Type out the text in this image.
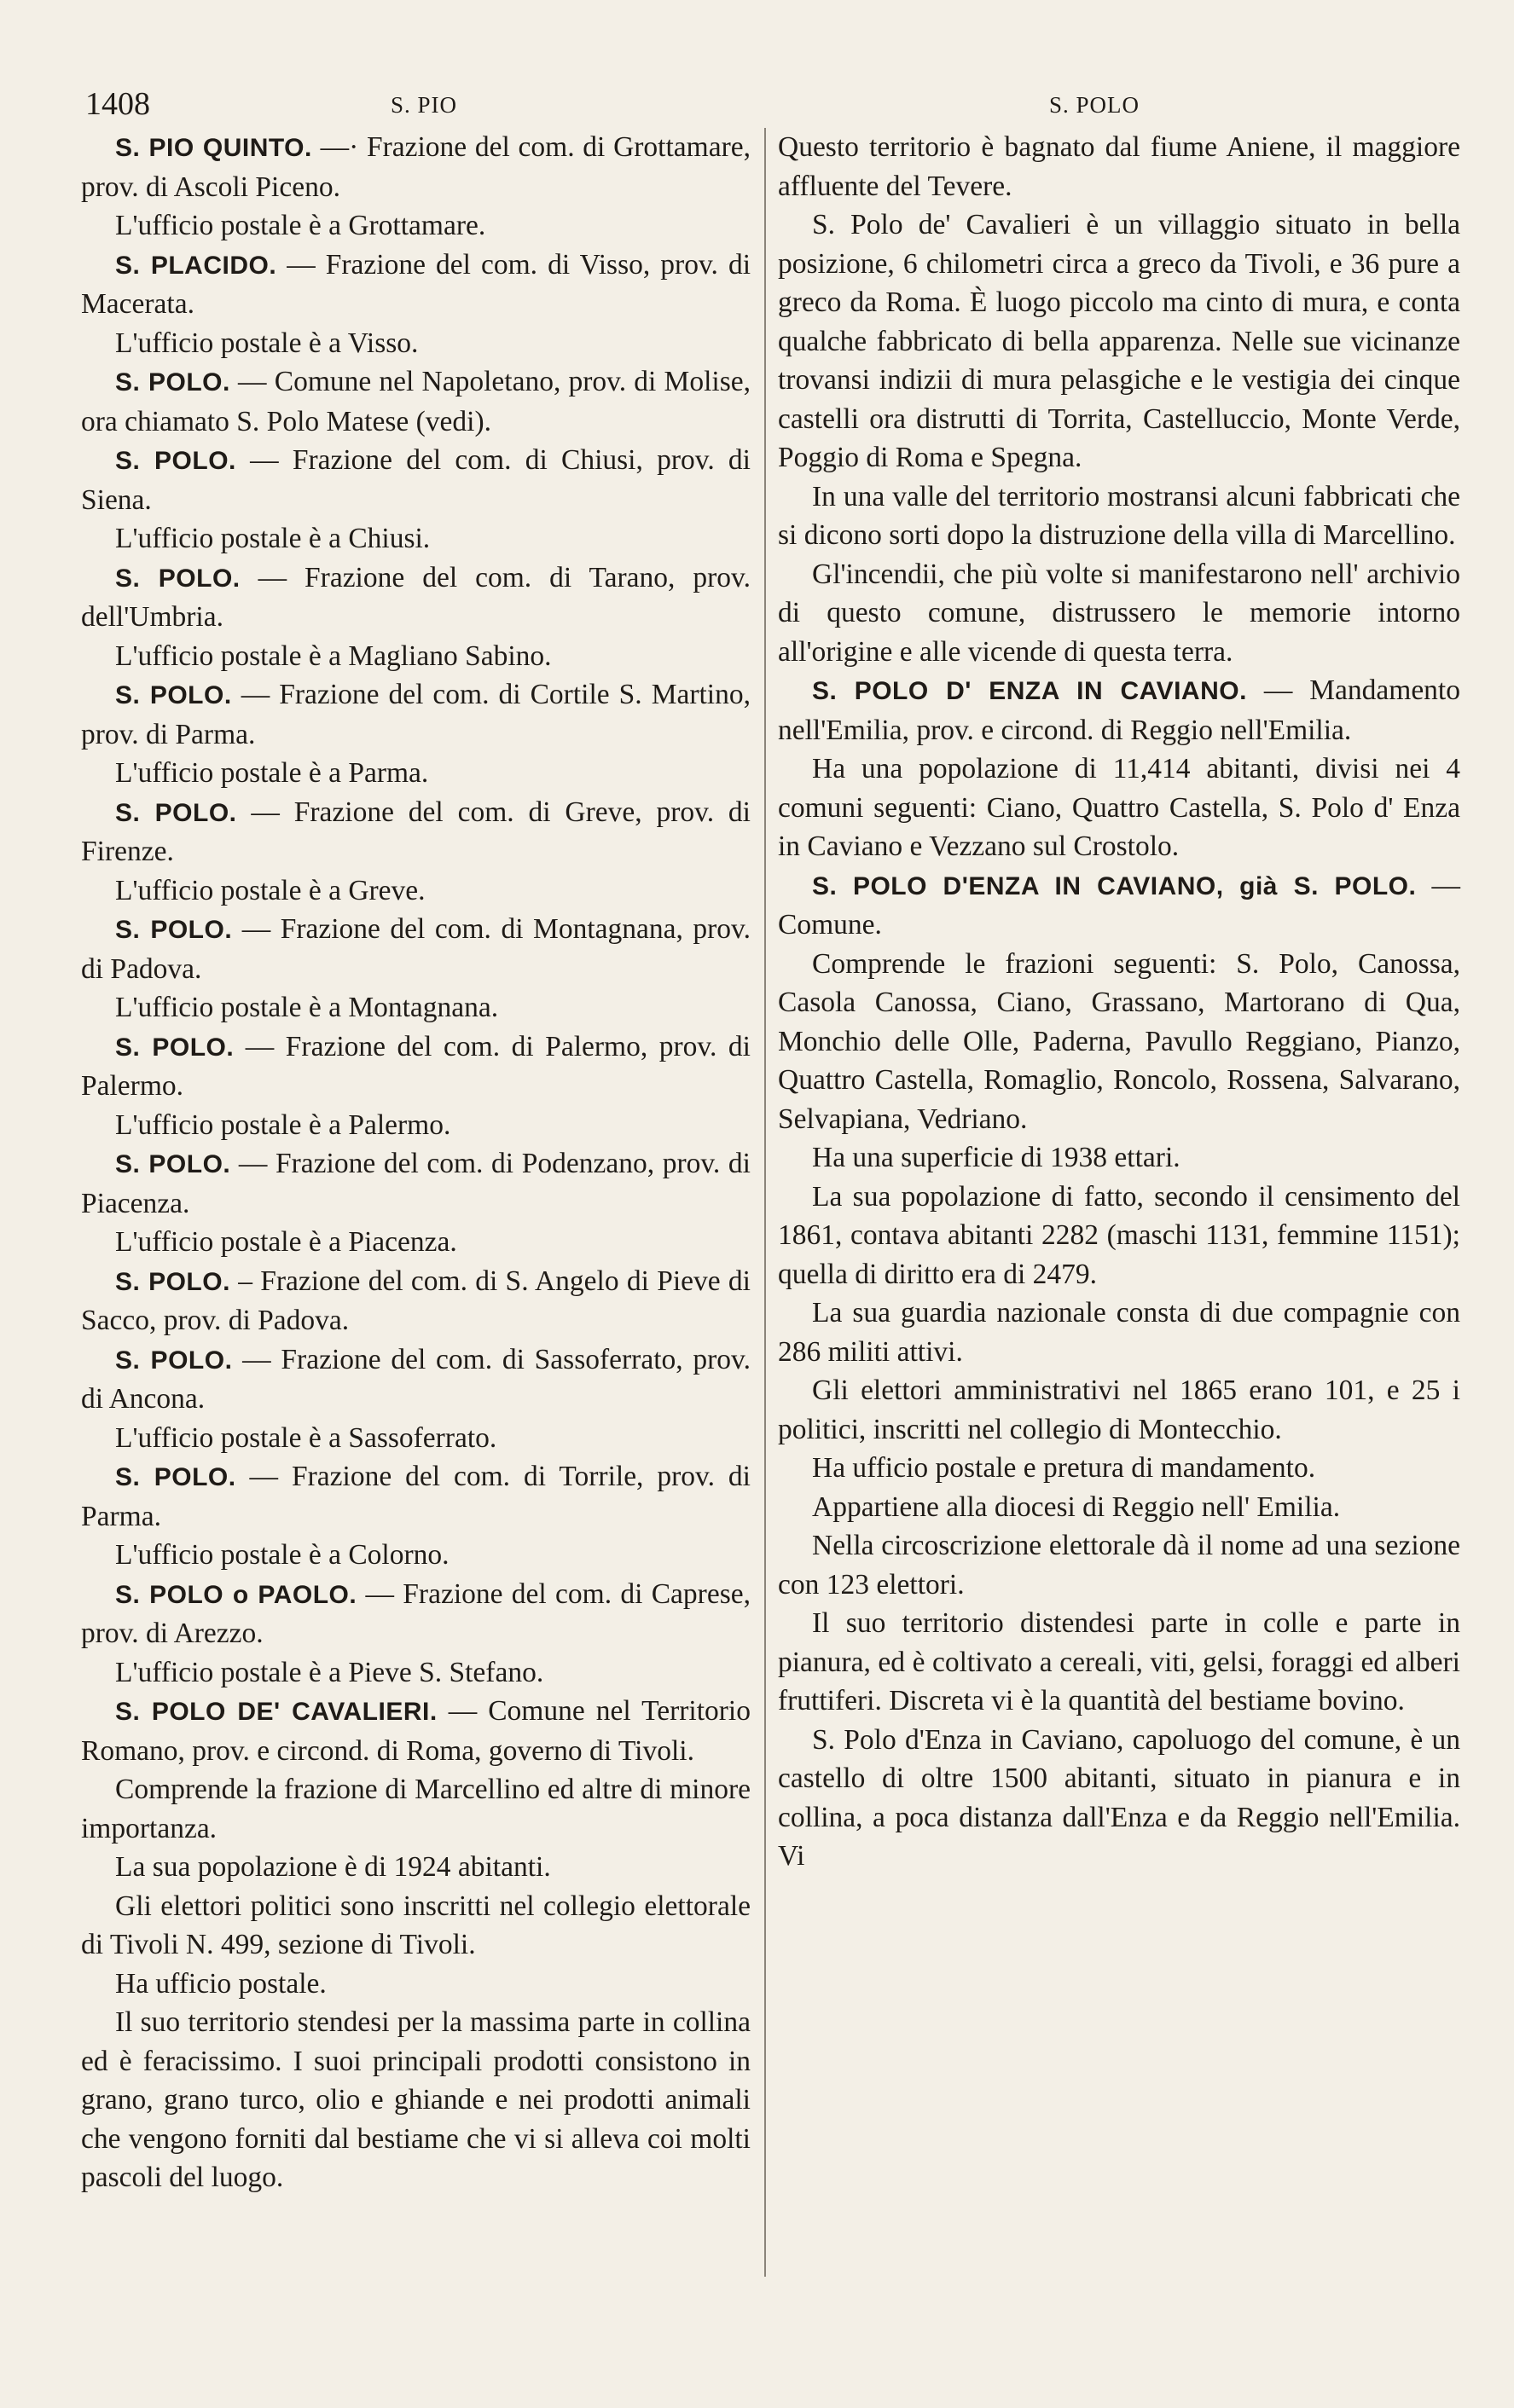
1408	S. PIO	S. POLO

S. PIO QUINTO. —· Frazione del com. di Grottamare, prov. di Ascoli Piceno.

L'ufficio postale è a Grottamare.

S. PLACIDO. — Frazione del com. di Visso, prov. di Macerata.

L'ufficio postale è a Visso.

S. POLO. — Comune nel Napoletano, prov. di Molise, ora chiamato S. Polo Matese (vedi).

S. POLO. — Frazione del com. di Chiusi, prov. di Siena.

L'ufficio postale è a Chiusi.

S. POLO. — Frazione del com. di Tarano, prov. dell'Umbria.

L'ufficio postale è a Magliano Sabino.

S. POLO. — Frazione del com. di Cortile S. Martino, prov. di Parma.

L'ufficio postale è a Parma.

S. POLO. — Frazione del com. di Greve, prov. di Firenze.

L'ufficio postale è a Greve.

S. POLO. — Frazione del com. di Montagnana, prov. di Padova.

L'ufficio postale è a Montagnana.

S. POLO. — Frazione del com. di Palermo, prov. di Palermo.

L'ufficio postale è a Palermo.

S. POLO. — Frazione del com. di Podenzano, prov. di Piacenza.

L'ufficio postale è a Piacenza.

S. POLO. – Frazione del com. di S. Angelo di Pieve di Sacco, prov. di Padova.

S. POLO. — Frazione del com. di Sassoferrato, prov. di Ancona.

L'ufficio postale è a Sassoferrato.

S. POLO. — Frazione del com. di Torrile, prov. di Parma.

L'ufficio postale è a Colorno.

S. POLO o PAOLO. — Frazione del com. di Caprese, prov. di Arezzo.

L'ufficio postale è a Pieve S. Stefano.

S. POLO DE' CAVALIERI. — Comune nel Territorio Romano, prov. e circond. di Roma, governo di Tivoli.

Comprende la frazione di Marcellino ed altre di minore importanza.

La sua popolazione è di 1924 abitanti.

Gli elettori politici sono inscritti nel collegio elettorale di Tivoli N. 499, sezione di Tivoli.

Ha ufficio postale.

Il suo territorio stendesi per la massima parte in collina ed è feracissimo. I suoi principali prodotti consistono in grano, grano turco, olio e ghiande e nei prodotti animali che vengono forniti dal bestiame che vi si alleva coi molti pascoli del luogo.

Questo territorio è bagnato dal fiume Aniene, il maggiore affluente del Tevere.

S. Polo de' Cavalieri è un villaggio situato in bella posizione, 6 chilometri circa a greco da Tivoli, e 36 pure a greco da Roma. È luogo piccolo ma cinto di mura, e conta qualche fabbricato di bella apparenza. Nelle sue vicinanze trovansi indizii di mura pelasgiche e le vestigia dei cinque castelli ora distrutti di Torrita, Castelluccio, Monte Verde, Poggio di Roma e Spegna.

In una valle del territorio mostransi alcuni fabbricati che si dicono sorti dopo la distruzione della villa di Marcellino.

Gl'incendii, che più volte si manifestarono nell' archivio di questo comune, distrussero le memorie intorno all'origine e alle vicende di questa terra.

S. POLO D' ENZA IN CAVIANO. — Mandamento nell'Emilia, prov. e circond. di Reggio nell'Emilia.

Ha una popolazione di 11,414 abitanti, divisi nei 4 comuni seguenti: Ciano, Quattro Castella, S. Polo d' Enza in Caviano e Vezzano sul Crostolo.

S. POLO D'ENZA IN CAVIANO, già S. POLO. — Comune.

Comprende le frazioni seguenti: S. Polo, Canossa, Casola Canossa, Ciano, Grassano, Martorano di Qua, Monchio delle Olle, Paderna, Pavullo Reggiano, Pianzo, Quattro Castella, Romaglio, Roncolo, Rossena, Salvarano, Selvapiana, Vedriano.

Ha una superficie di 1938 ettari.

La sua popolazione di fatto, secondo il censimento del 1861, contava abitanti 2282 (maschi 1131, femmine 1151); quella di diritto era di 2479.

La sua guardia nazionale consta di due compagnie con 286 militi attivi.

Gli elettori amministrativi nel 1865 erano 101, e 25 i politici, inscritti nel collegio di Montecchio.

Ha ufficio postale e pretura di mandamento.

Appartiene alla diocesi di Reggio nell' Emilia.

Nella circoscrizione elettorale dà il nome ad una sezione con 123 elettori.

Il suo territorio distendesi parte in colle e parte in pianura, ed è coltivato a cereali, viti, gelsi, foraggi ed alberi fruttiferi. Discreta vi è la quantità del bestiame bovino.

S. Polo d'Enza in Caviano, capoluogo del comune, è un castello di oltre 1500 abitanti, situato in pianura e in collina, a poca distanza dall'Enza e da Reggio nell'Emilia. Vi
